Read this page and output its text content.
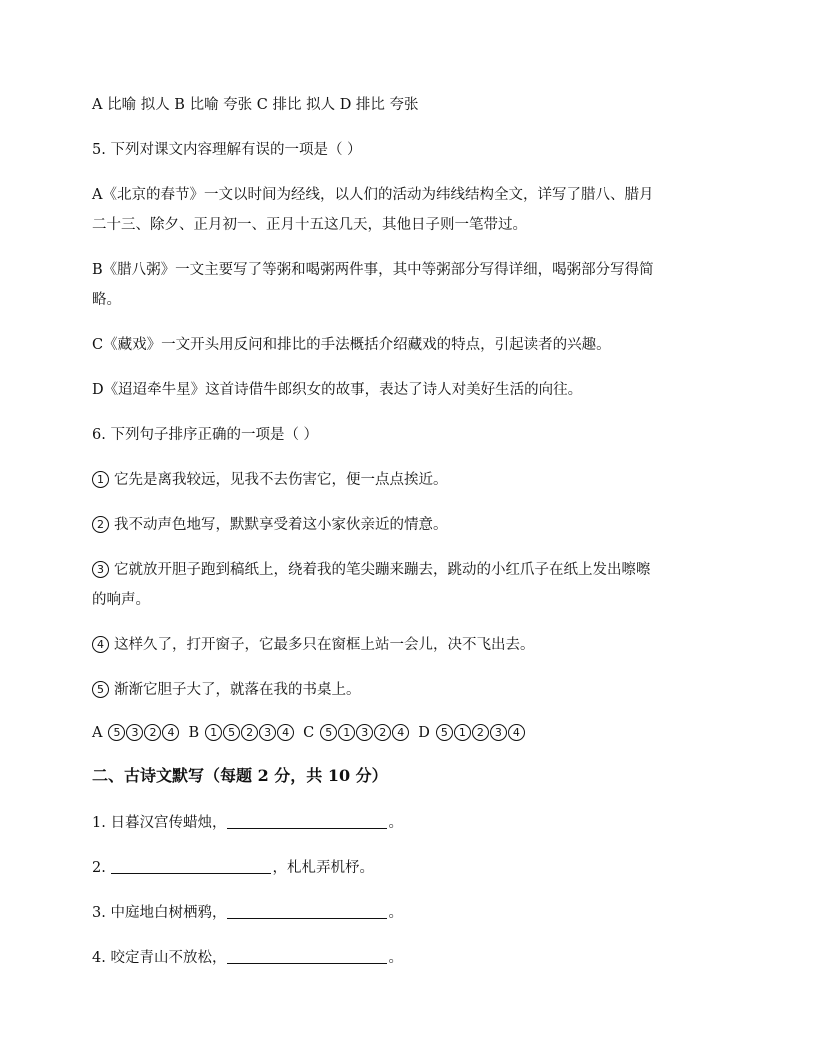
A 比喻 拟人 B 比喻 夸张 C 排比 拟人 D 排比 夸张
5. 下列对课文内容理解有误的一项是（ ）
A《北京的春节》一文以时间为经线，以人们的活动为纬线结构全文，详写了腊八、腊月
二十三、除夕、正月初一、正月十五这几天，其他日子则一笔带过。
B《腊八粥》一文主要写了等粥和喝粥两件事，其中等粥部分写得详细，喝粥部分写得简
略。
C《藏戏》一文开头用反问和排比的手法概括介绍藏戏的特点，引起读者的兴趣。
D《迢迢牵牛星》这首诗借牛郎织女的故事，表达了诗人对美好生活的向往。
6. 下列句子排序正确的一项是（ ）
1 它先是离我较远，见我不去伤害它，便一点点挨近。
2 我不动声色地写，默默享受着这小家伙亲近的情意。
3 它就放开胆子跑到稿纸上，绕着我的笔尖蹦来蹦去，跳动的小红爪子在纸上发出嚓嚓
的响声。
4 这样久了，打开窗子，它最多只在窗框上站一会儿，决不飞出去。
5 渐渐它胆子大了，就落在我的书桌上。
A 5 3 2 4 B 1 5 2 3 4 C 5 1 3 2 4 D 5 1 2 3 4
二、古诗文默写（每题 2 分，共 10 分）
1. 日暮汉宫传蜡烛，	。
2.	，札札弄机杼。
3. 中庭地白树栖鸦，	。
4. 咬定青山不放松，	。
